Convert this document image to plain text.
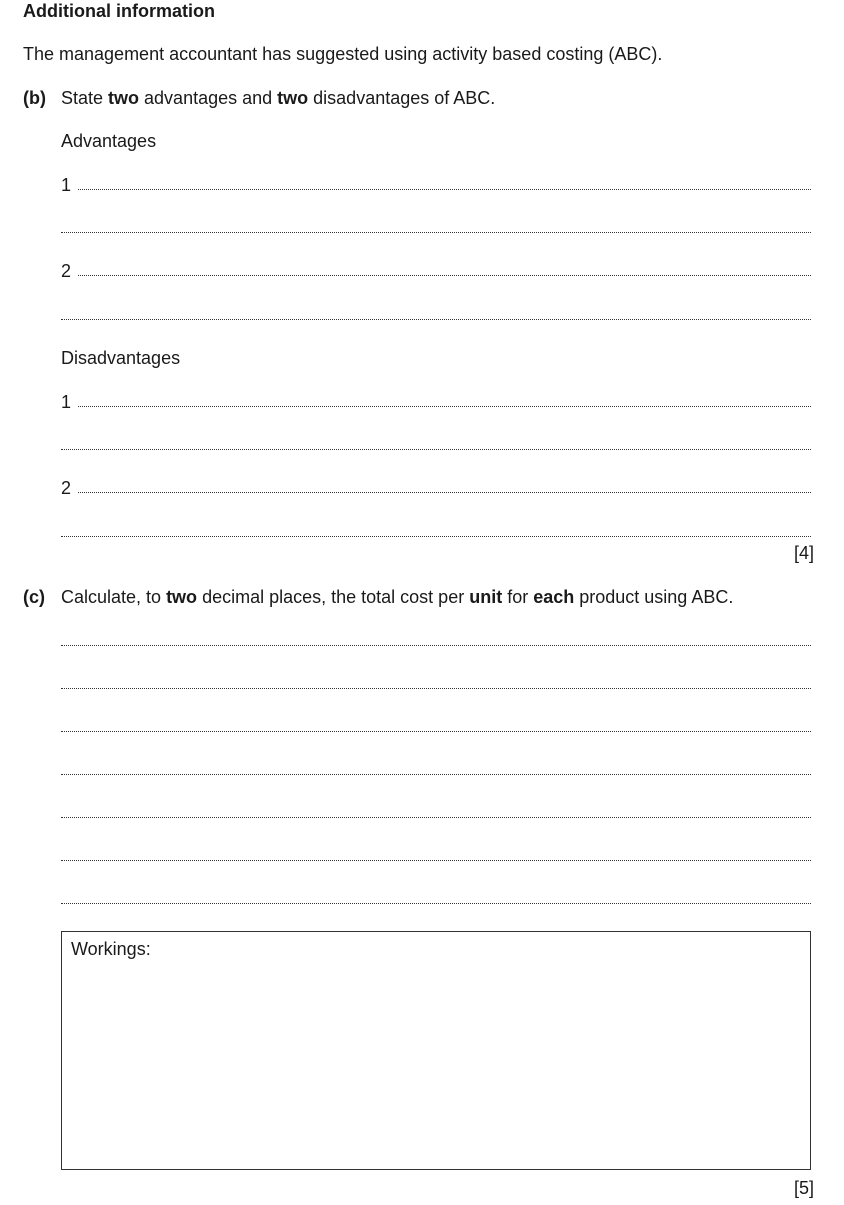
Additional information
The management accountant has suggested using activity based costing (ABC).
(b) State two advantages and two disadvantages of ABC.
Advantages
1
2
Disadvantages
1
2
[4]
(c) Calculate, to two decimal places, the total cost per unit for each product using ABC.
Workings:
[5]
